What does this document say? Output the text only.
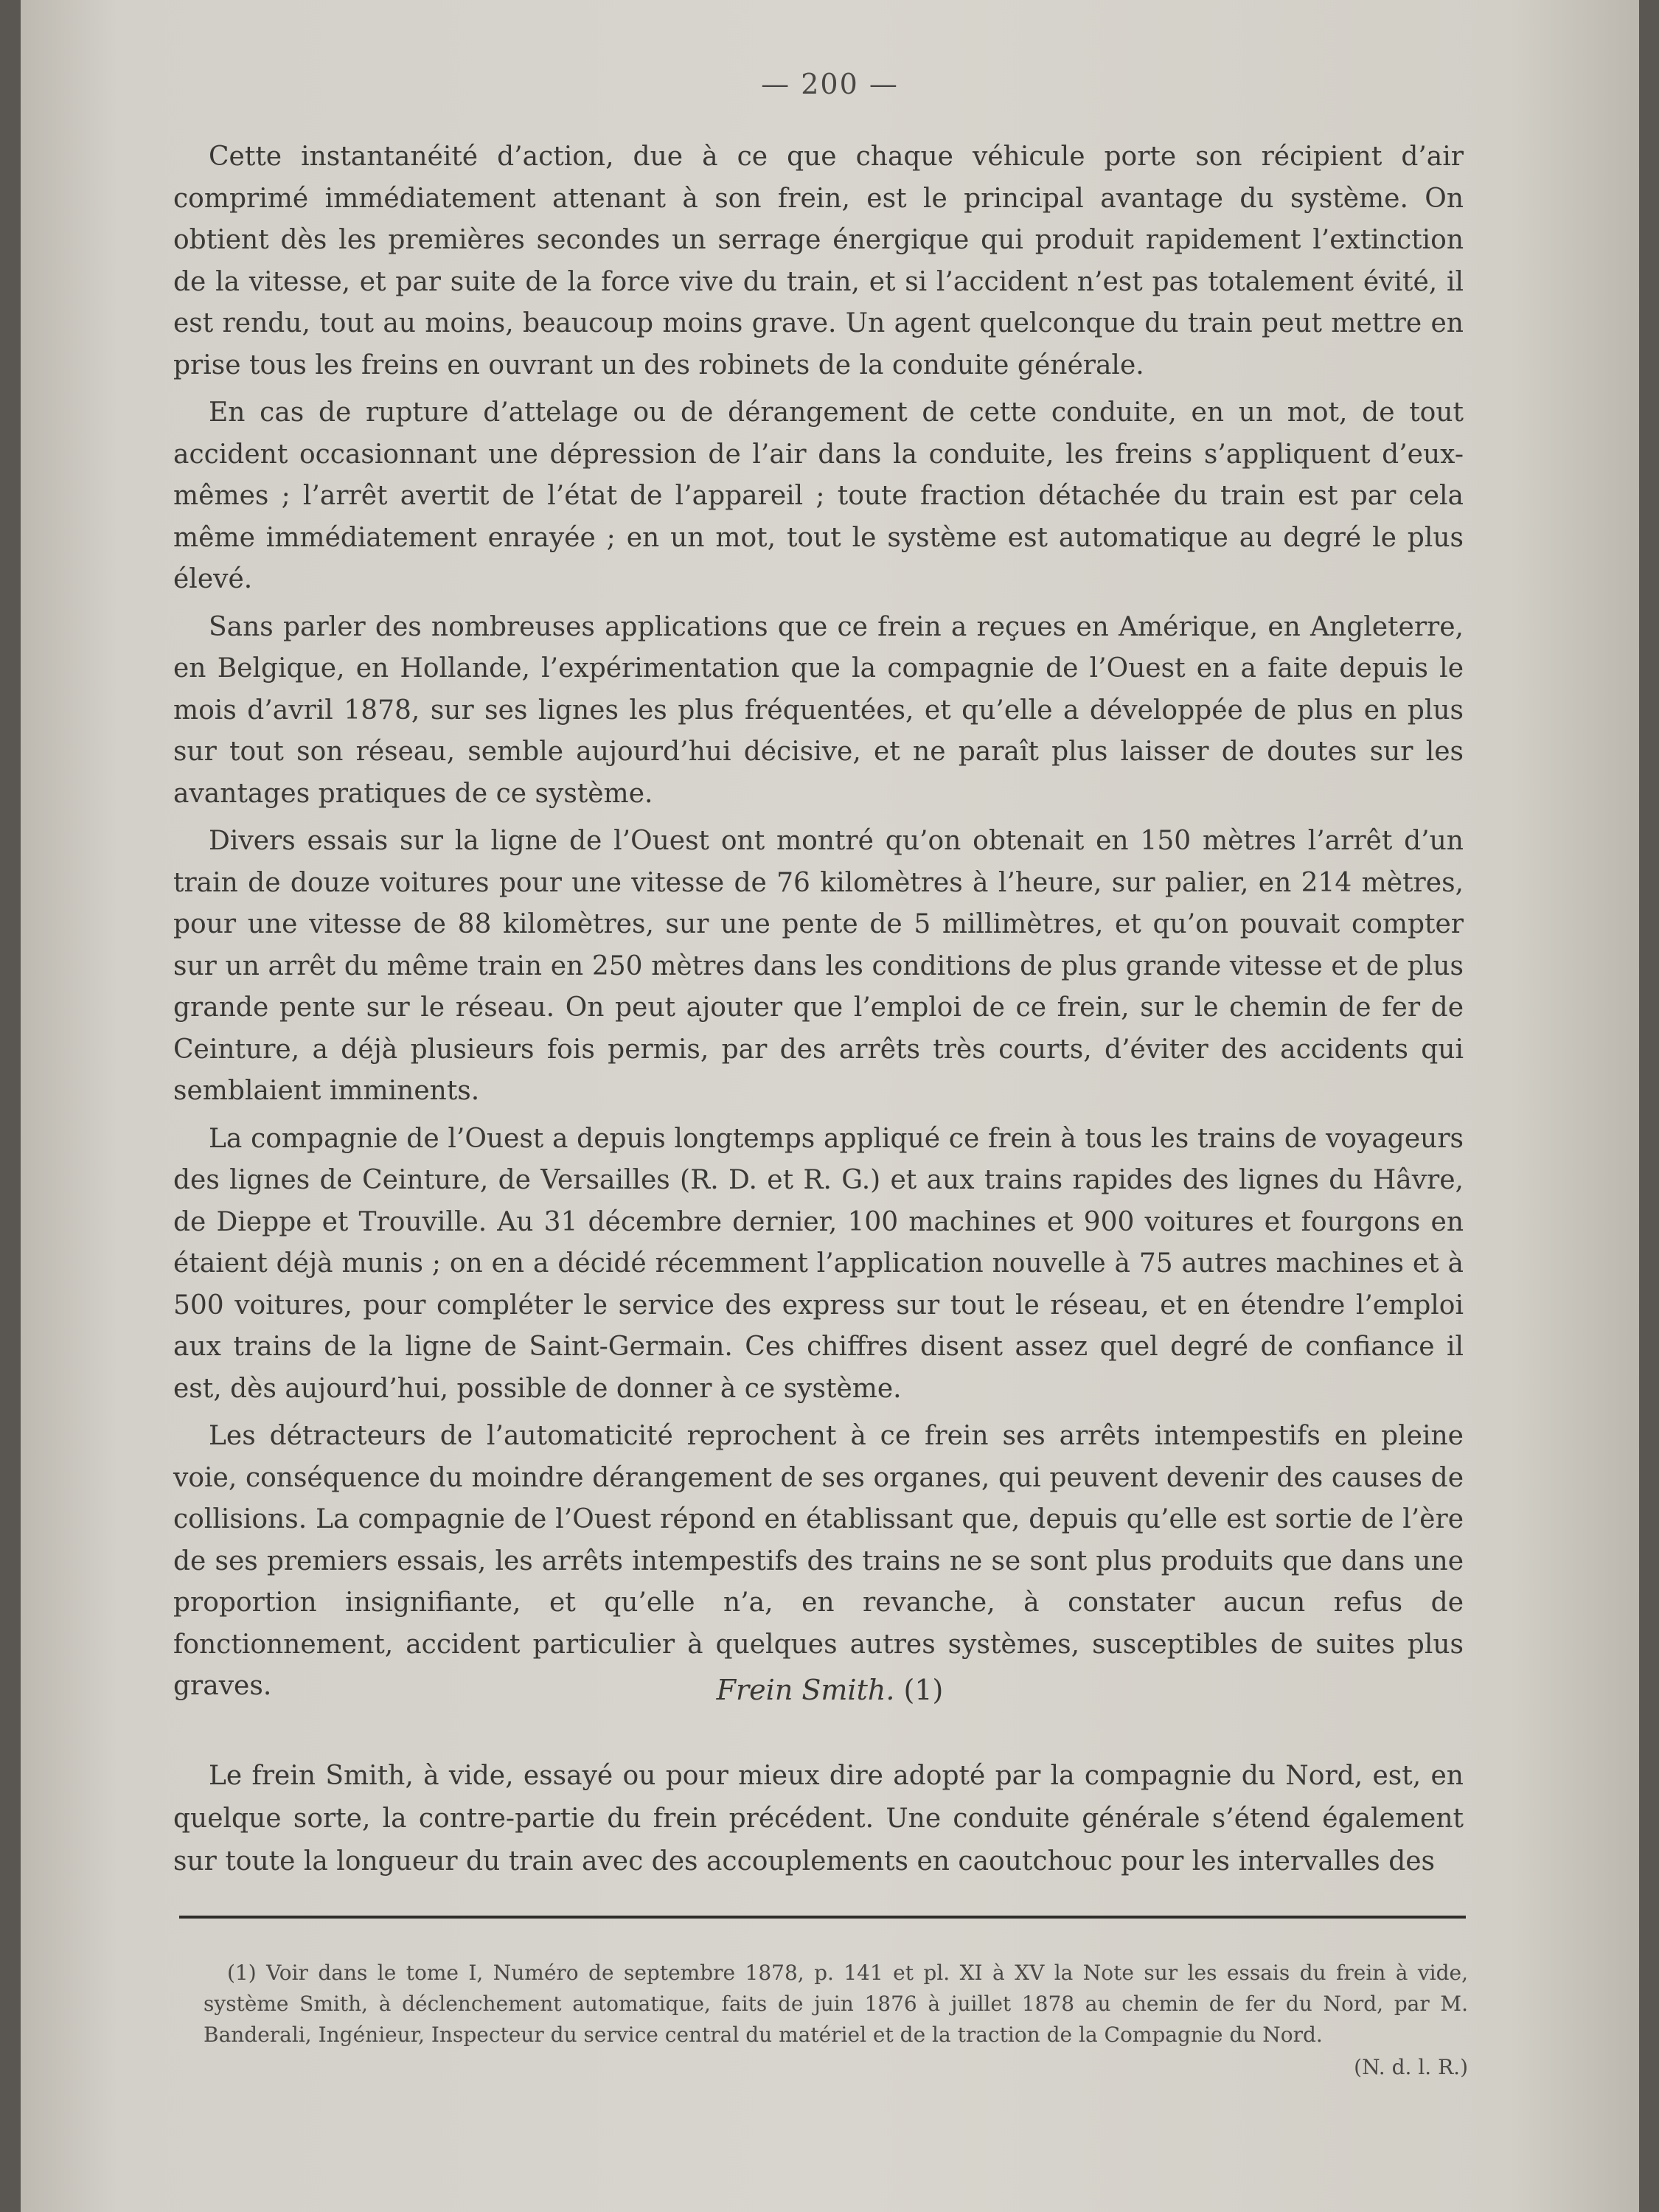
— 200 —

Cette instantanéité d’action, due à ce que chaque véhicule porte son récipient d’air comprimé immédiatement attenant à son frein, est le principal avantage du système. On obtient dès les premières secondes un serrage énergique qui produit rapidement l’extinction de la vitesse, et par suite de la force vive du train, et si l’accident n’est pas totalement évité, il est rendu, tout au moins, beaucoup moins grave. Un agent quelconque du train peut mettre en prise tous les freins en ouvrant un des robinets de la conduite générale.

En cas de rupture d’attelage ou de dérangement de cette conduite, en un mot, de tout accident occasionnant une dépression de l’air dans la conduite, les freins s’appliquent d’eux-mêmes ; l’arrêt avertit de l’état de l’appareil ; toute fraction détachée du train est par cela même immédiatement enrayée ; en un mot, tout le système est automatique au degré le plus élevé.

Sans parler des nombreuses applications que ce frein a reçues en Amérique, en Angleterre, en Belgique, en Hollande, l’expérimentation que la compagnie de l’Ouest en a faite depuis le mois d’avril 1878, sur ses lignes les plus fréquentées, et qu’elle a développée de plus en plus sur tout son réseau, semble aujourd’hui décisive, et ne paraît plus laisser de doutes sur les avantages pratiques de ce système.

Divers essais sur la ligne de l’Ouest ont montré qu’on obtenait en 150 mètres l’arrêt d’un train de douze voitures pour une vitesse de 76 kilomètres à l’heure, sur palier, en 214 mètres, pour une vitesse de 88 kilomètres, sur une pente de 5 millimètres, et qu’on pouvait compter sur un arrêt du même train en 250 mètres dans les conditions de plus grande vitesse et de plus grande pente sur le réseau. On peut ajouter que l’emploi de ce frein, sur le chemin de fer de Ceinture, a déjà plusieurs fois permis, par des arrêts très courts, d’éviter des accidents qui semblaient imminents.

La compagnie de l’Ouest a depuis longtemps appliqué ce frein à tous les trains de voyageurs des lignes de Ceinture, de Versailles (R. D. et R. G.) et aux trains rapides des lignes du Hâvre, de Dieppe et Trouville. Au 31 décembre dernier, 100 machines et 900 voitures et fourgons en étaient déjà munis ; on en a décidé récemment l’application nouvelle à 75 autres machines et à 500 voitures, pour compléter le service des express sur tout le réseau, et en étendre l’emploi aux trains de la ligne de Saint-Germain. Ces chiffres disent assez quel degré de confiance il est, dès aujourd’hui, possible de donner à ce système.

Les détracteurs de l’automaticité reprochent à ce frein ses arrêts intempestifs en pleine voie, conséquence du moindre dérangement de ses organes, qui peuvent devenir des causes de collisions. La compagnie de l’Ouest répond en établissant que, depuis qu’elle est sortie de l’ère de ses premiers essais, les arrêts intempestifs des trains ne se sont plus produits que dans une proportion insignifiante, et qu’elle n’a, en revanche, à constater aucun refus de fonctionnement, accident particulier à quelques autres systèmes, susceptibles de suites plus graves.	Frein Smith. (1)

Le frein Smith, à vide, essayé ou pour mieux dire adopté par la compagnie du Nord, est, en quelque sorte, la contre-partie du frein précédent. Une conduite générale s’étend également sur toute la longueur du train avec des accouplements en caoutchouc pour les intervalles des

(1) Voir dans le tome I, Numéro de septembre 1878, p. 141 et pl. XI à XV la Note sur les essais du frein à vide, système Smith, à déclenchement automatique, faits de juin 1876 à juillet 1878 au chemin de fer du Nord, par M. Banderali, Ingénieur, Inspecteur du service central du matériel et de la traction de la Compagnie du Nord.

(N. d. l. R.)
